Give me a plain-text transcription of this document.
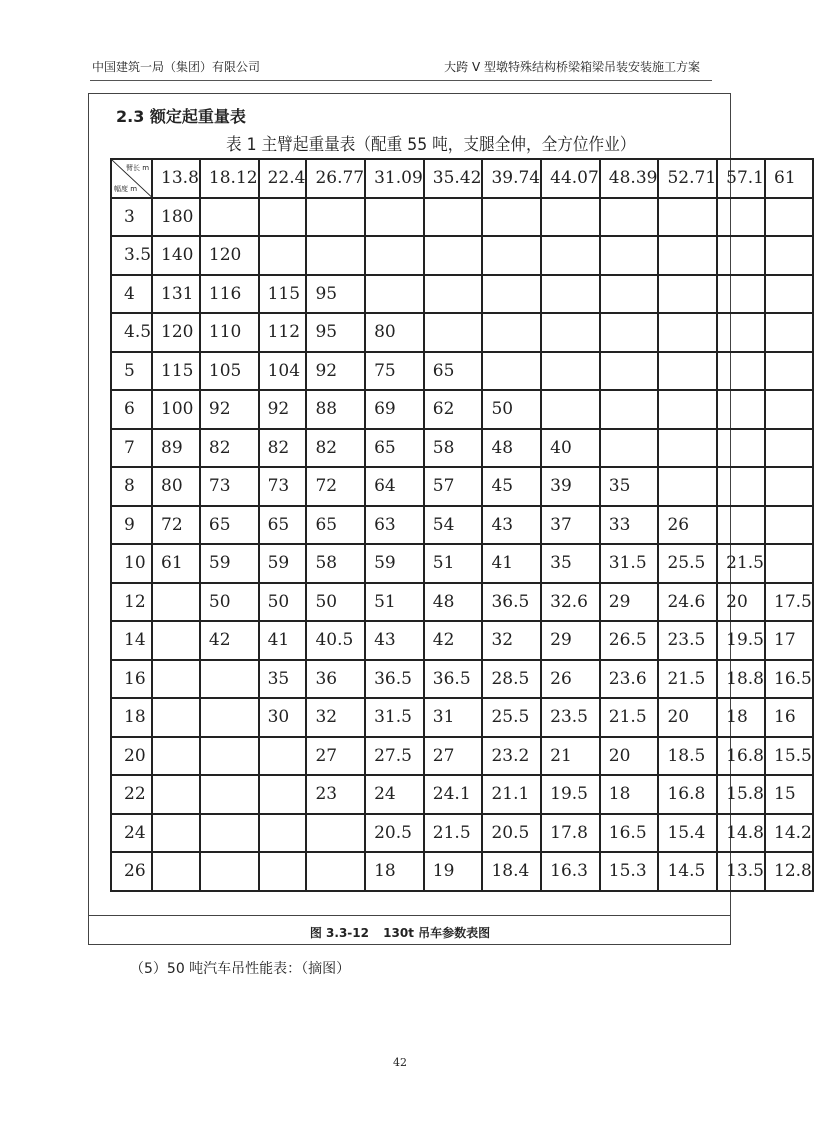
中国建筑一局（集团）有限公司	大跨 V 型墩特殊结构桥梁箱梁吊装安装施工方案
2.3 额定起重量表
表 1 主臂起重量表（配重 55 吨，支腿全伸，全方位作业）
臂长 m
幅度 m	13.8	18.12	22.4	26.77	31.09	35.42	39.74	44.07	48.39	52.71	57.1	61
3	180											
3.5	140	120										
4	131	116	115	95								
4.5	120	110	112	95	80							
5	115	105	104	92	75	65						
6	100	92	92	88	69	62	50					
7	89	82	82	82	65	58	48	40				
8	80	73	73	72	64	57	45	39	35			
9	72	65	65	65	63	54	43	37	33	26		
10	61	59	59	58	59	51	41	35	31.5	25.5	21.5	
12		50	50	50	51	48	36.5	32.6	29	24.6	20	17.5
14		42	41	40.5	43	42	32	29	26.5	23.5	19.5	17
16			35	36	36.5	36.5	28.5	26	23.6	21.5	18.8	16.5
18			30	32	31.5	31	25.5	23.5	21.5	20	18	16
20				27	27.5	27	23.2	21	20	18.5	16.8	15.5
22				23	24	24.1	21.1	19.5	18	16.8	15.8	15
24					20.5	21.5	20.5	17.8	16.5	15.4	14.8	14.2
26					18	19	18.4	16.3	15.3	14.5	13.5	12.8
图 3.3-12 130t 吊车参数表图
（5）50 吨汽车吊性能表：（摘图）
42
